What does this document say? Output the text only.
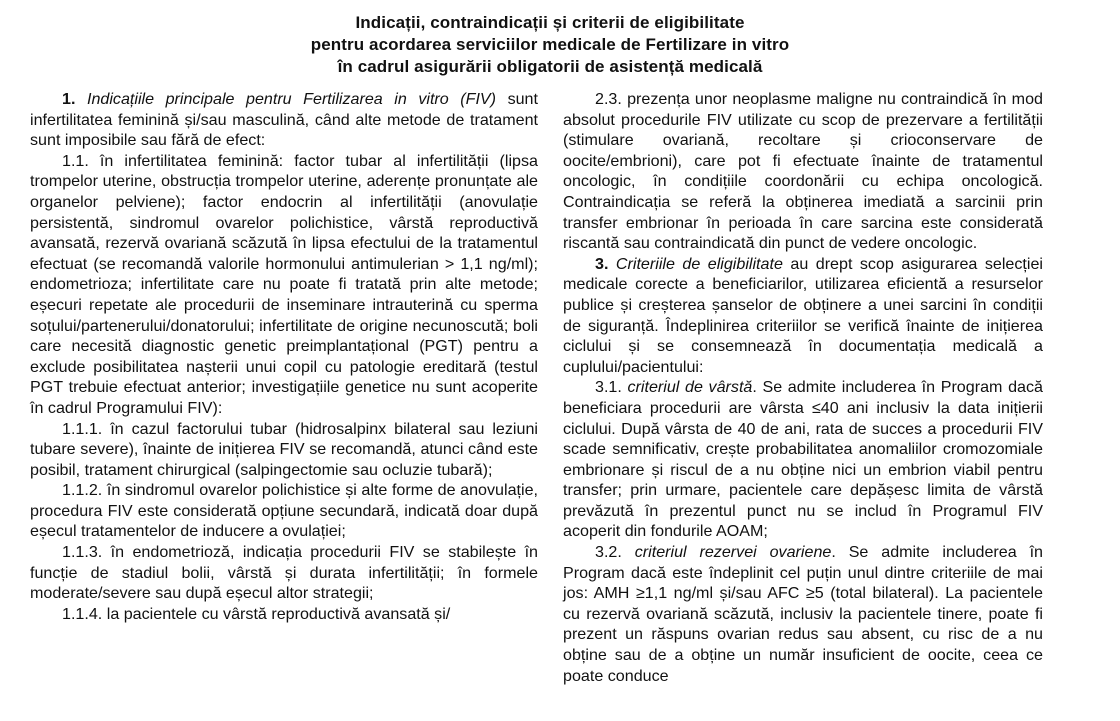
Indicații, contraindicații și criterii de eligibilitate
pentru acordarea serviciilor medicale de Fertilizare in vitro
în cadrul asigurării obligatorii de asistență medicală

1. Indicațiile principale pentru Fertilizarea in vitro (FIV) sunt infertilitatea feminină și/sau masculină, când alte metode de tratament sunt imposibile sau fără de efect:

1.1. în infertilitatea feminină: factor tubar al infertilității (lipsa trompelor uterine, obstrucția trompelor uterine, aderențe pronunțate ale organelor pelviene); factor endocrin al infertilității (anovulație persistentă, sindromul ovarelor polichistice, vârstă reproductivă avansată, rezervă ovariană scăzută în lipsa efectului de la tratamentul efectuat (se recomandă valorile hormonului antimulerian > 1,1 ng/ml); endometrioza; infertilitate care nu poate fi tratată prin alte metode; eșecuri repetate ale procedurii de inseminare intrauterină cu sperma soțului/partenerului/donatorului; infertilitate de origine necunoscută; boli care necesită diagnostic genetic preimplantațional (PGT) pentru a exclude posibilitatea nașterii unui copil cu patologie ereditară (testul PGT trebuie efectuat anterior; investigațiile genetice nu sunt acoperite în cadrul Programului FIV):

1.1.1. în cazul factorului tubar (hidrosalpinx bilateral sau leziuni tubare severe), înainte de inițierea FIV se recomandă, atunci când este posibil, tratament chirurgical (salpingectomie sau ocluzie tubară);

1.1.2. în sindromul ovarelor polichistice și alte forme de anovulație, procedura FIV este considerată opțiune secundară, indicată doar după eșecul tratamentelor de inducere a ovulației;

1.1.3. în endometrioză, indicația procedurii FIV se stabilește în funcție de stadiul bolii, vârstă și durata infertilității; în formele moderate/severe sau după eșecul altor strategii;

1.1.4. la pacientele cu vârstă reproductivă avansată și/

2.3. prezența unor neoplasme maligne nu contraindică în mod absolut procedurile FIV utilizate cu scop de prezervare a fertilității (stimulare ovariană, recoltare și crioconservare de oocite/embrioni), care pot fi efectuate înainte de tratamentul oncologic, în condițiile coordonării cu echipa oncologică. Contraindicația se referă la obținerea imediată a sarcinii prin transfer embrionar în perioada în care sarcina este considerată riscantă sau contraindicată din punct de vedere oncologic.

3. Criteriile de eligibilitate au drept scop asigurarea selecției medicale corecte a beneficiarilor, utilizarea eficientă a resurselor publice și creșterea șanselor de obținere a unei sarcini în condiții de siguranță. Îndeplinirea criteriilor se verifică înainte de inițierea ciclului și se consemnează în documentația medicală a cuplului/pacientului:

3.1. criteriul de vârstă. Se admite includerea în Program dacă beneficiara procedurii are vârsta ≤40 ani inclusiv la data inițierii ciclului. După vârsta de 40 de ani, rata de succes a procedurii FIV scade semnificativ, crește probabilitatea anomaliilor cromozomiale embrionare și riscul de a nu obține nici un embrion viabil pentru transfer; prin urmare, pacientele care depășesc limita de vârstă prevăzută în prezentul punct nu se includ în Programul FIV acoperit din fondurile AOAM;

3.2. criteriul rezervei ovariene. Se admite includerea în Program dacă este îndeplinit cel puțin unul dintre criteriile de mai jos: AMH ≥1,1 ng/ml și/sau AFC ≥5 (total bilateral). La pacientele cu rezervă ovariană scăzută, inclusiv la pacientele tinere, poate fi prezent un răspuns ovarian redus sau absent, cu risc de a nu obține sau de a obține un număr insuficient de oocite, ceea ce poate conduce
